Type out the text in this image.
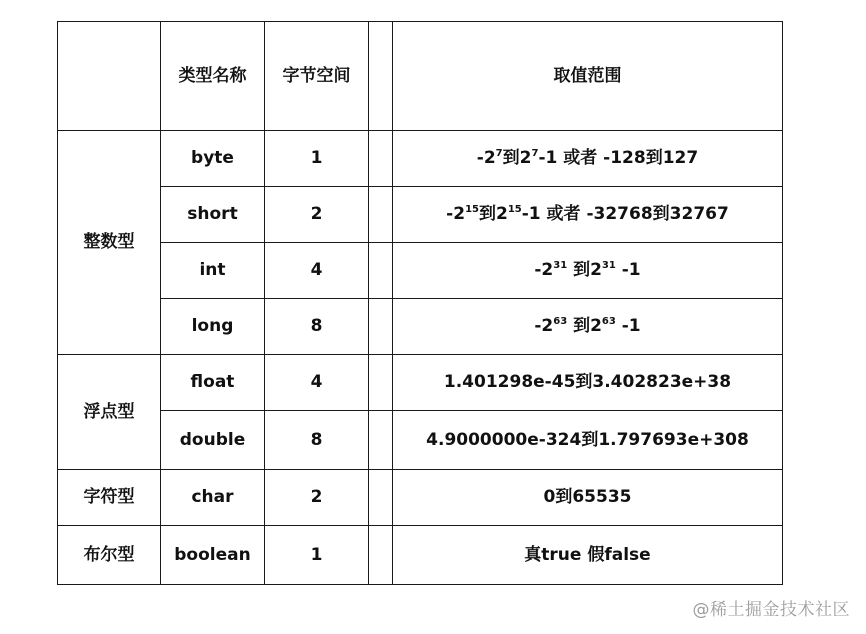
	类型名称	字节空间		取值范围
整数型	byte	1		$-2^7$到$2^7-1$ 或者 -128到127
	short	2		$-2^{15}$到$2^{15}-1$ 或者 -32768到32767
	int	4		$-2^{31}$ 到$2^{31}$ -1
	long	8		$-2^{63}$ 到$2^{63}$ -1
浮点型	float	4		1.401298e-45到3.402823e+38
	double	8		4.9000000e-324到1.797693e+308
字符型	char	2		0到65535
布尔型	boolean	1		真true 假false
@稀土掘金技术社区
